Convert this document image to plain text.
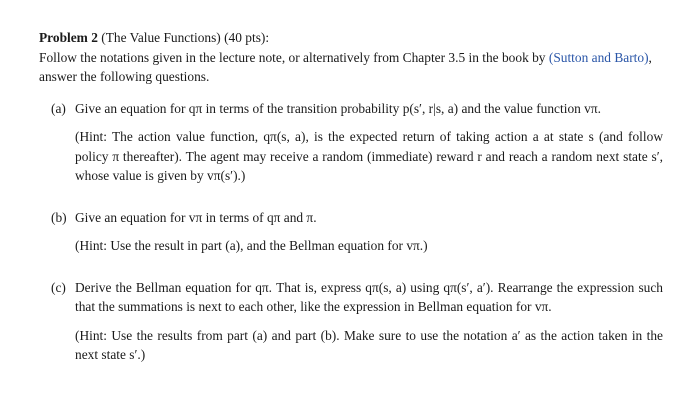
Problem 2 (The Value Functions) (40 pts):
Follow the notations given in the lecture note, or alternatively from Chapter 3.5 in the book by (Sutton and Barto), answer the following questions.
(a) Give an equation for qπ in terms of the transition probability p(s′, r|s, a) and the value function vπ.

(Hint: The action value function, qπ(s, a), is the expected return of taking action a at state s (and follow policy π thereafter). The agent may receive a random (immediate) reward r and reach a random next state s′, whose value is given by vπ(s′).)

(b) Give an equation for vπ in terms of qπ and π.

(Hint: Use the result in part (a), and the Bellman equation for vπ.)

(c) Derive the Bellman equation for qπ. That is, express qπ(s, a) using qπ(s′, a′). Rearrange the expression such that the summations is next to each other, like the expression in Bellman equation for vπ.

(Hint: Use the results from part (a) and part (b). Make sure to use the notation a′ as the action taken in the next state s′.)
